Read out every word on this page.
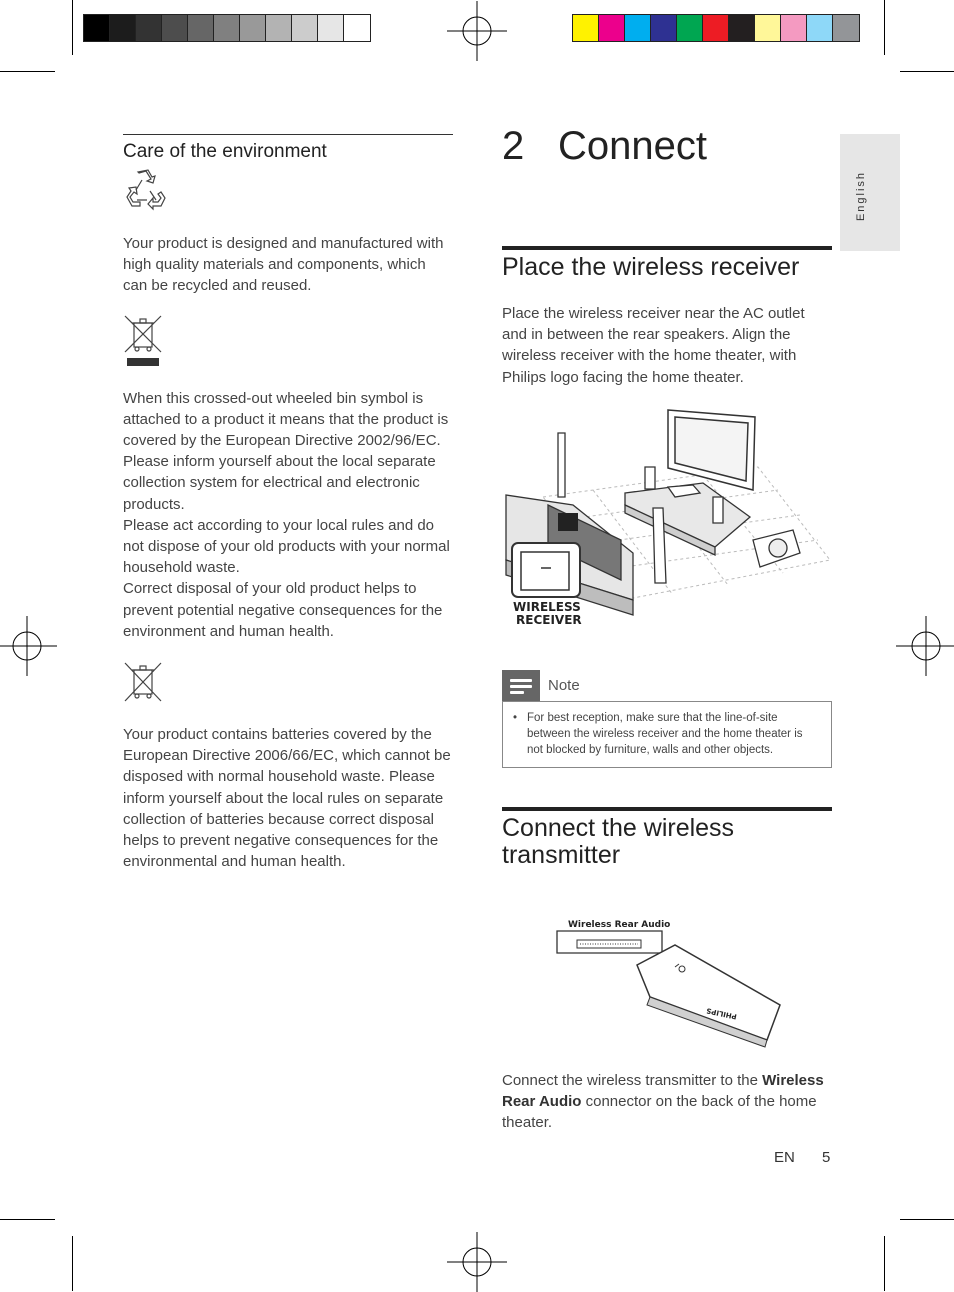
Care of the environment

Your product is designed and manufactured with high quality materials and components, which can be recycled and reused.

When this crossed-out wheeled bin symbol is attached to a product it means that the product is covered by the European Directive 2002/96/EC. Please inform yourself about the local separate collection system for electrical and electronic products.

Please act according to your local rules and do not dispose of your old products with your normal household waste.

Correct disposal of your old product helps to prevent potential negative consequences for the environment and human health.

Your product contains batteries covered by the European Directive 2006/66/EC, which cannot be disposed with normal household waste. Please inform yourself about the local rules on separate collection of batteries because correct disposal helps to prevent negative consequences for the environmental and human health.

2 Connect
Place the wireless receiver
Place the wireless receiver near the AC outlet and in between the rear speakers. Align the wireless receiver with the home theater, with Philips logo facing the home theater.
WIRELESS
RECEIVER
Note
• For best reception, make sure that the line-of-site between the wireless receiver and the home theater is not blocked by furniture, walls and other objects.
Connect the wireless transmitter
Wireless Rear Audio
PHILIPS
Connect the wireless transmitter to the Wireless Rear Audio connector on the back of the home theater.
English
EN 5
